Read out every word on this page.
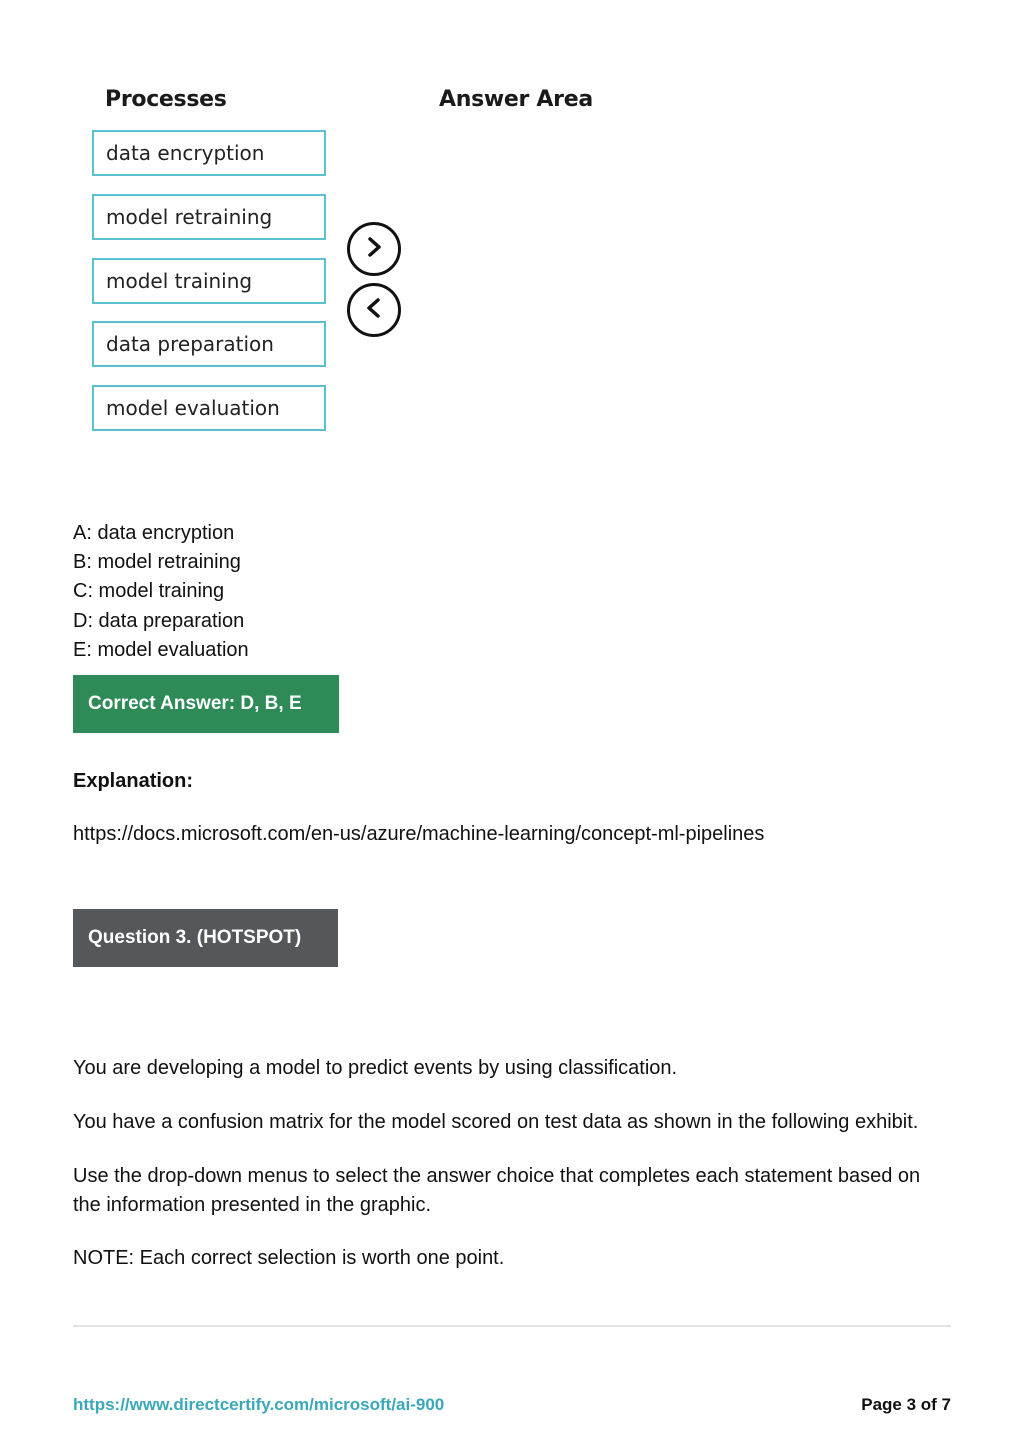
Processes	Answer Area
data encryption
model retraining
model training
data preparation
model evaluation
A: data encryption
B: model retraining
C: model training
D: data preparation
E: model evaluation
Correct Answer: D, B, E
Explanation:
https://docs.microsoft.com/en-us/azure/machine-learning/concept-ml-pipelines
Question 3. (HOTSPOT)
You are developing a model to predict events by using classification.
You have a confusion matrix for the model scored on test data as shown in the following exhibit.
Use the drop-down menus to select the answer choice that completes each statement based on the information presented in the graphic.
NOTE: Each correct selection is worth one point.
https://www.directcertify.com/microsoft/ai-900	Page 3 of 7
